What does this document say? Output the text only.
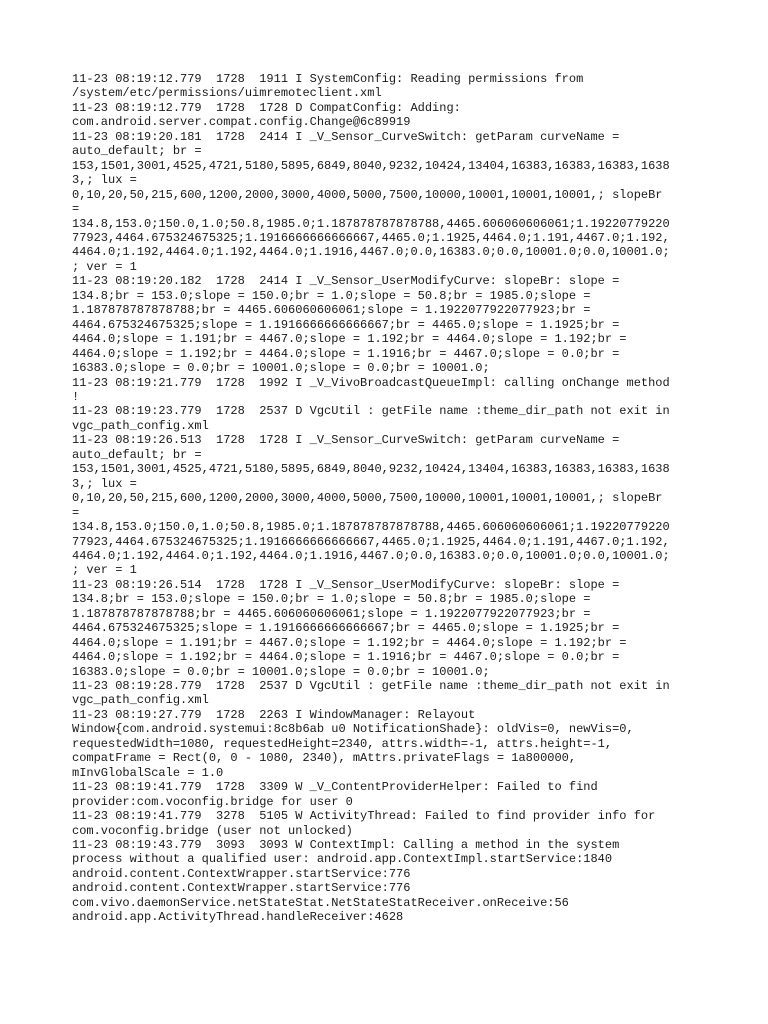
11-23 08:19:12.779  1728  1911 I SystemConfig: Reading permissions from
/system/etc/permissions/uimremoteclient.xml
11-23 08:19:12.779  1728  1728 D CompatConfig: Adding:
com.android.server.compat.config.Change@6c89919
11-23 08:19:20.181  1728  2414 I _V_Sensor_CurveSwitch: getParam curveName =
auto_default; br =
153,1501,3001,4525,4721,5180,5895,6849,8040,9232,10424,13404,16383,16383,16383,1638
3,; lux =
0,10,20,50,215,600,1200,2000,3000,4000,5000,7500,10000,10001,10001,10001,; slopeBr
=
134.8,153.0;150.0,1.0;50.8,1985.0;1.187878787878788,4465.606060606061;1.19220779220
77923,4464.675324675325;1.1916666666666667,4465.0;1.1925,4464.0;1.191,4467.0;1.192,
4464.0;1.192,4464.0;1.192,4464.0;1.1916,4467.0;0.0,16383.0;0.0,10001.0;0.0,10001.0;
; ver = 1
11-23 08:19:20.182  1728  2414 I _V_Sensor_UserModifyCurve: slopeBr: slope =
134.8;br = 153.0;slope = 150.0;br = 1.0;slope = 50.8;br = 1985.0;slope =
1.187878787878788;br = 4465.606060606061;slope = 1.1922077922077923;br =
4464.675324675325;slope = 1.1916666666666667;br = 4465.0;slope = 1.1925;br =
4464.0;slope = 1.191;br = 4467.0;slope = 1.192;br = 4464.0;slope = 1.192;br =
4464.0;slope = 1.192;br = 4464.0;slope = 1.1916;br = 4467.0;slope = 0.0;br =
16383.0;slope = 0.0;br = 10001.0;slope = 0.0;br = 10001.0;
11-23 08:19:21.779  1728  1992 I _V_VivoBroadcastQueueImpl: calling onChange method
!
11-23 08:19:23.779  1728  2537 D VgcUtil : getFile name :theme_dir_path not exit in
vgc_path_config.xml
11-23 08:19:26.513  1728  1728 I _V_Sensor_CurveSwitch: getParam curveName =
auto_default; br =
153,1501,3001,4525,4721,5180,5895,6849,8040,9232,10424,13404,16383,16383,16383,1638
3,; lux =
0,10,20,50,215,600,1200,2000,3000,4000,5000,7500,10000,10001,10001,10001,; slopeBr
=
134.8,153.0;150.0,1.0;50.8,1985.0;1.187878787878788,4465.606060606061;1.19220779220
77923,4464.675324675325;1.1916666666666667,4465.0;1.1925,4464.0;1.191,4467.0;1.192,
4464.0;1.192,4464.0;1.192,4464.0;1.1916,4467.0;0.0,16383.0;0.0,10001.0;0.0,10001.0;
; ver = 1
11-23 08:19:26.514  1728  1728 I _V_Sensor_UserModifyCurve: slopeBr: slope =
134.8;br = 153.0;slope = 150.0;br = 1.0;slope = 50.8;br = 1985.0;slope =
1.187878787878788;br = 4465.606060606061;slope = 1.1922077922077923;br =
4464.675324675325;slope = 1.1916666666666667;br = 4465.0;slope = 1.1925;br =
4464.0;slope = 1.191;br = 4467.0;slope = 1.192;br = 4464.0;slope = 1.192;br =
4464.0;slope = 1.192;br = 4464.0;slope = 1.1916;br = 4467.0;slope = 0.0;br =
16383.0;slope = 0.0;br = 10001.0;slope = 0.0;br = 10001.0;
11-23 08:19:28.779  1728  2537 D VgcUtil : getFile name :theme_dir_path not exit in
vgc_path_config.xml
11-23 08:19:27.779  1728  2263 I WindowManager: Relayout
Window{com.android.systemui:8c8b6ab u0 NotificationShade}: oldVis=0, newVis=0,
requestedWidth=1080, requestedHeight=2340, attrs.width=-1, attrs.height=-1,
compatFrame = Rect(0, 0 - 1080, 2340), mAttrs.privateFlags = 1a800000,
mInvGlobalScale = 1.0
11-23 08:19:41.779  1728  3309 W _V_ContentProviderHelper: Failed to find
provider:com.voconfig.bridge for user 0
11-23 08:19:41.779  3278  5105 W ActivityThread: Failed to find provider info for
com.voconfig.bridge (user not unlocked)
11-23 08:19:43.779  3093  3093 W ContextImpl: Calling a method in the system
process without a qualified user: android.app.ContextImpl.startService:1840
android.content.ContextWrapper.startService:776
android.content.ContextWrapper.startService:776
com.vivo.daemonService.netStateStat.NetStateStatReceiver.onReceive:56
android.app.ActivityThread.handleReceiver:4628
